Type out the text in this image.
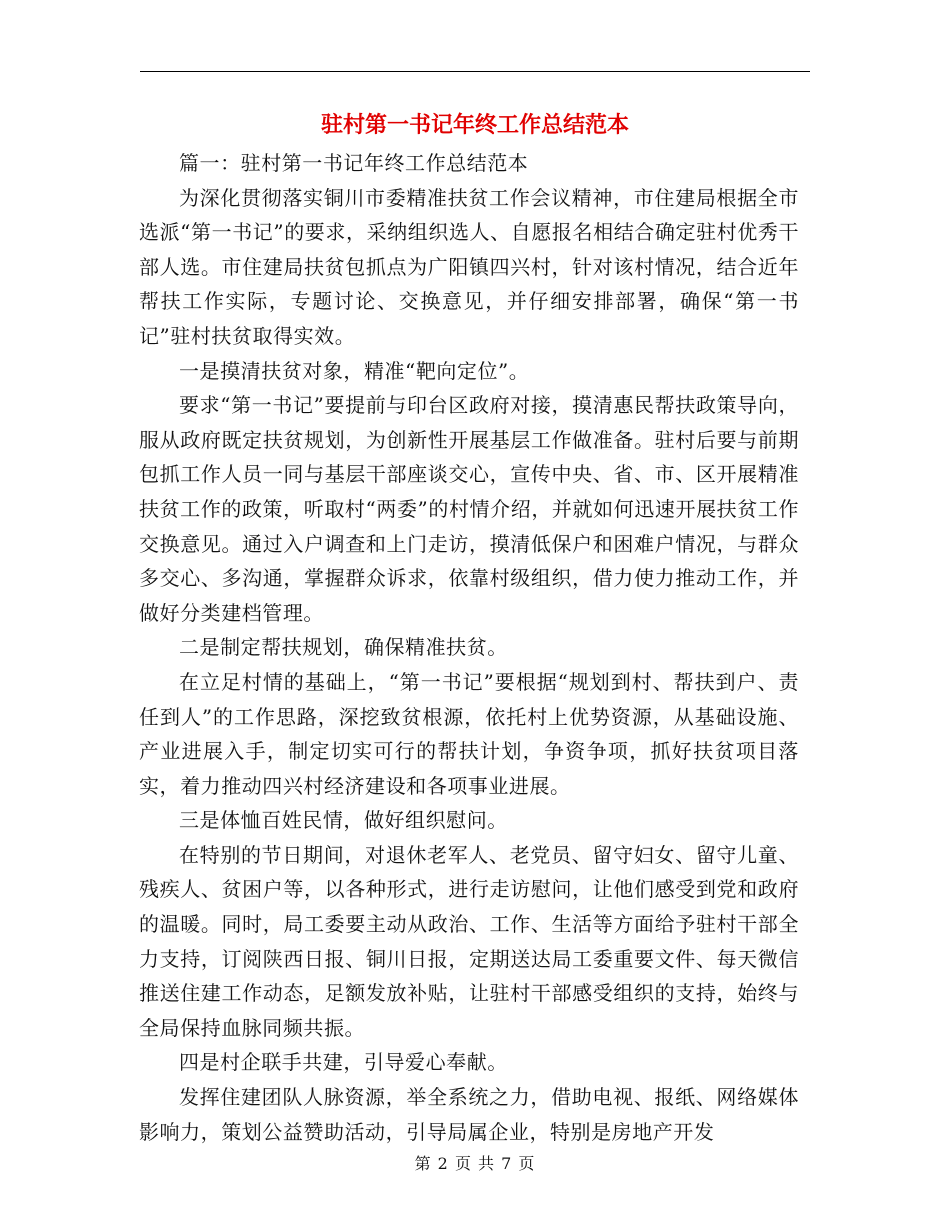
驻村第一书记年终工作总结范本

篇一：驻村第一书记年终工作总结范本

为深化贯彻落实铜川市委精准扶贫工作会议精神，市住建局根据全市选派“第一书记”的要求，采纳组织选人、自愿报名相结合确定驻村优秀干部人选。市住建局扶贫包抓点为广阳镇四兴村，针对该村情况，结合近年帮扶工作实际，专题讨论、交换意见，并仔细安排部署，确保“第一书记”驻村扶贫取得实效。

一是摸清扶贫对象，精准“靶向定位”。

要求“第一书记”要提前与印台区政府对接，摸清惠民帮扶政策导向，服从政府既定扶贫规划，为创新性开展基层工作做准备。驻村后要与前期包抓工作人员一同与基层干部座谈交心，宣传中央、省、市、区开展精准扶贫工作的政策，听取村“两委”的村情介绍，并就如何迅速开展扶贫工作交换意见。通过入户调查和上门走访，摸清低保户和困难户情况，与群众多交心、多沟通，掌握群众诉求，依靠村级组织，借力使力推动工作，并做好分类建档管理。

二是制定帮扶规划，确保精准扶贫。

在立足村情的基础上，“第一书记”要根据“规划到村、帮扶到户、责任到人”的工作思路，深挖致贫根源，依托村上优势资源，从基础设施、产业进展入手，制定切实可行的帮扶计划，争资争项，抓好扶贫项目落实，着力推动四兴村经济建设和各项事业进展。

三是体恤百姓民情，做好组织慰问。

在特别的节日期间，对退休老军人、老党员、留守妇女、留守儿童、残疾人、贫困户等，以各种形式，进行走访慰问，让他们感受到党和政府的温暖。同时，局工委要主动从政治、工作、生活等方面给予驻村干部全力支持，订阅陕西日报、铜川日报，定期送达局工委重要文件、每天微信推送住建工作动态，足额发放补贴，让驻村干部感受组织的支持，始终与全局保持血脉同频共振。

四是村企联手共建，引导爱心奉献。

发挥住建团队人脉资源，举全系统之力，借助电视、报纸、网络媒体影响力，策划公益赞助活动，引导局属企业，特别是房地产开发

第 2 页 共 7 页
